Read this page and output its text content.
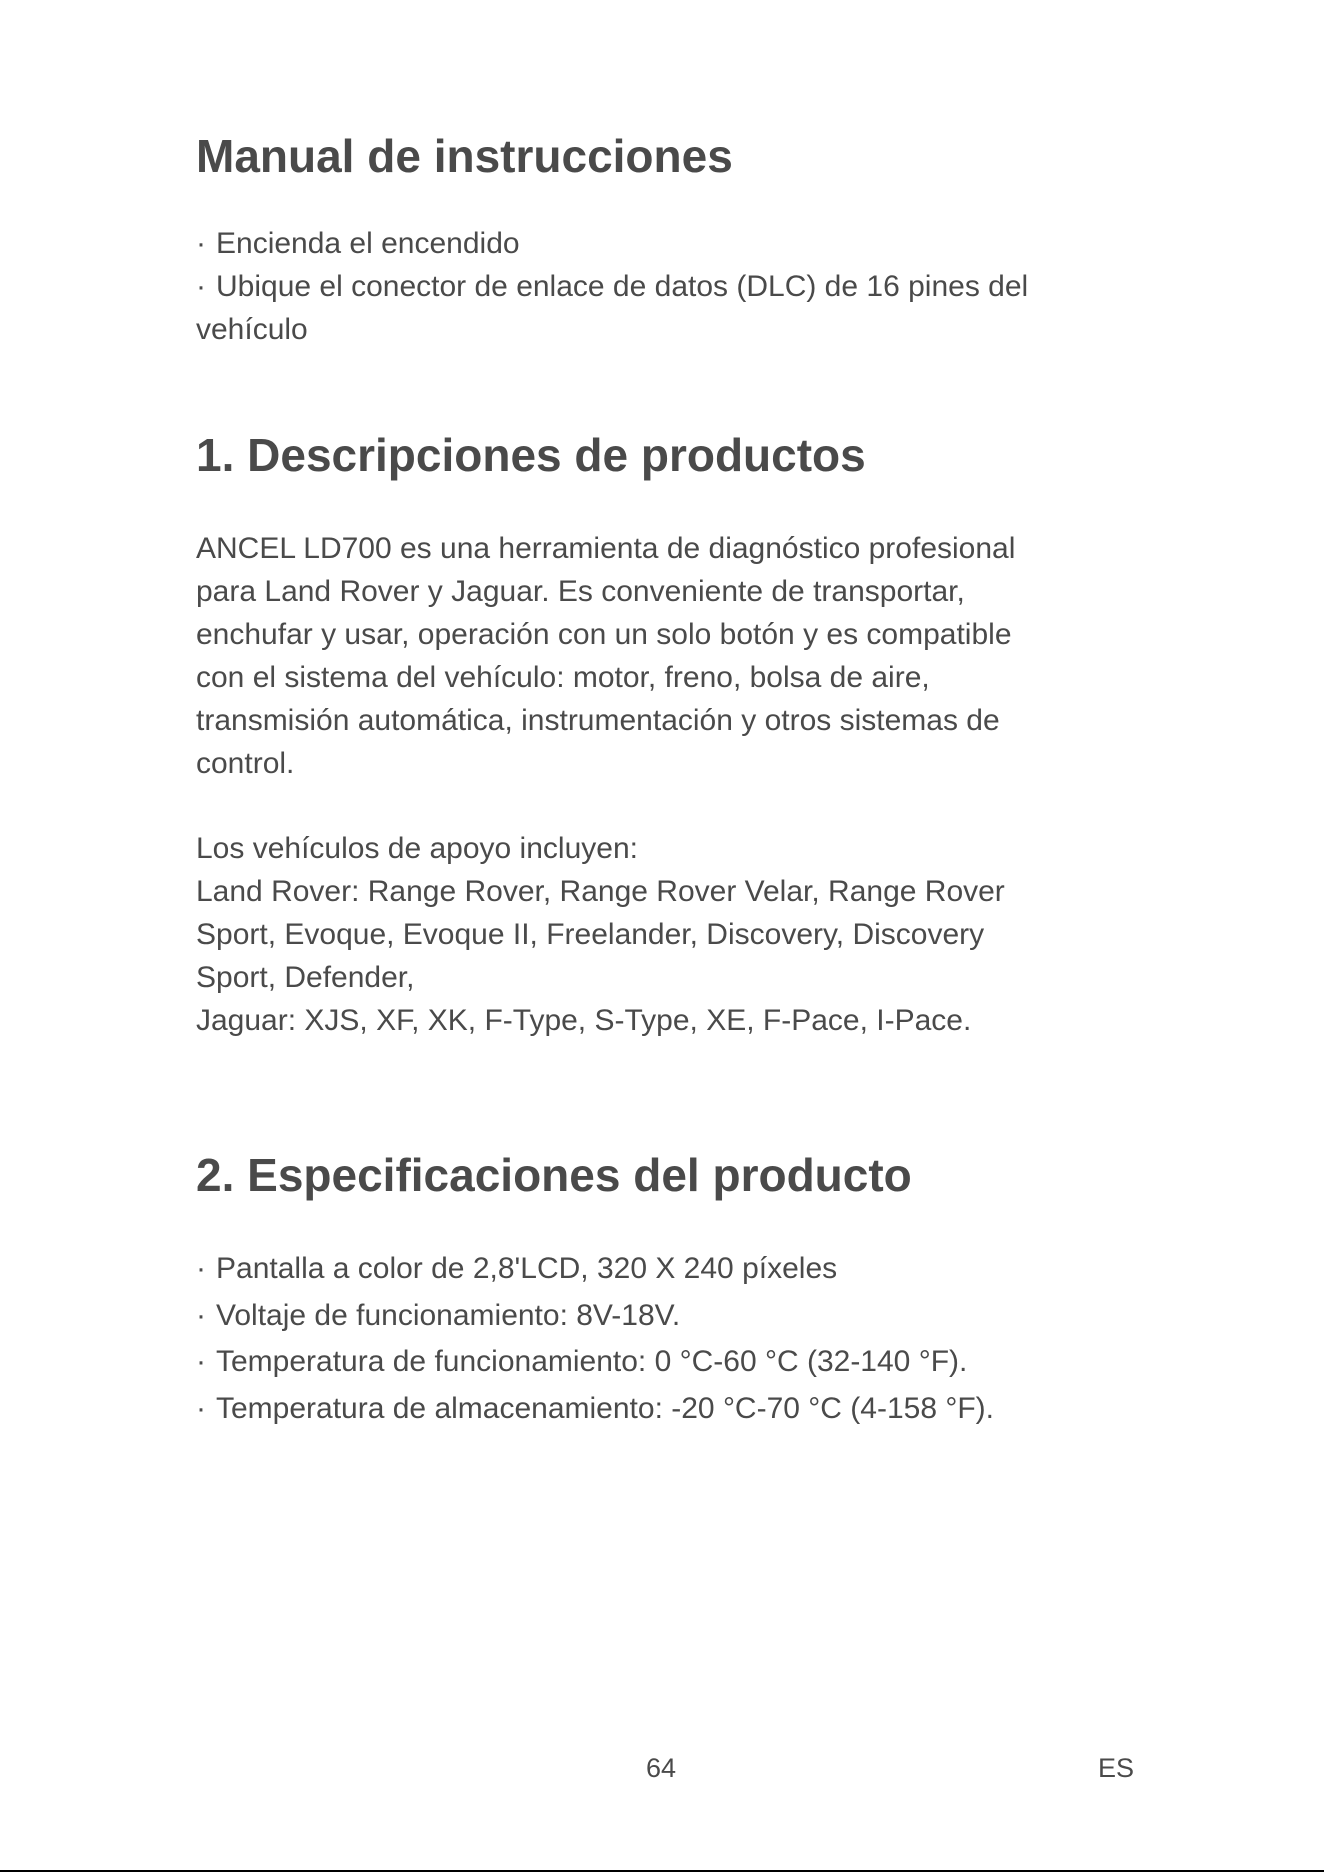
Manual de instrucciones
· Encienda el encendido
· Ubique el conector de enlace de datos (DLC) de 16 pines del
vehículo
1. Descripciones de productos
ANCEL LD700 es una herramienta de diagnóstico profesional
para Land Rover y Jaguar. Es conveniente de transportar,
enchufar y usar, operación con un solo botón y es compatible
con el sistema del vehículo: motor, freno, bolsa de aire,
transmisión automática, instrumentación y otros sistemas de
control.
Los vehículos de apoyo incluyen:
Land Rover: Range Rover, Range Rover Velar, Range Rover
Sport, Evoque, Evoque II, Freelander, Discovery, Discovery
Sport, Defender,
Jaguar: XJS, XF, XK, F-Type, S-Type, XE, F-Pace, I-Pace.
2. Especificaciones del producto
· Pantalla a color de 2,8'LCD, 320 X 240 píxeles
· Voltaje de funcionamiento: 8V-18V.
· Temperatura de funcionamiento: 0 °C-60 °C (32-140 °F).
· Temperatura de almacenamiento: -20 °C-70 °C (4-158 °F).
64	ES
